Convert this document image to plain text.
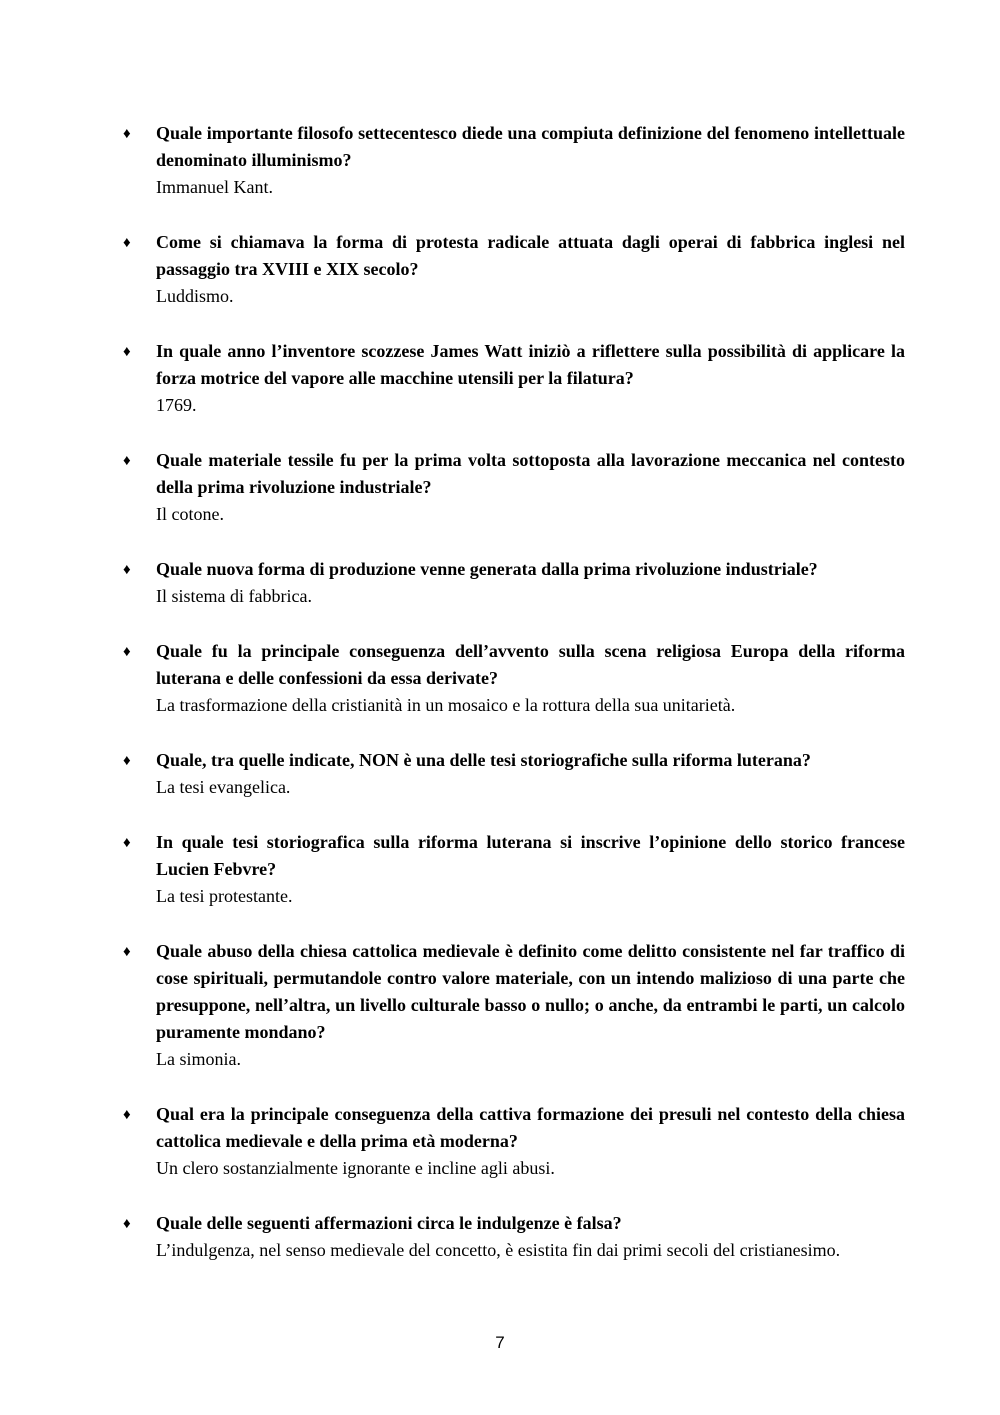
♦ Quale importante filosofo settecentesco diede una compiuta definizione del fenomeno intellettuale denominato illuminismo?

Immanuel Kant.

♦ Come si chiamava la forma di protesta radicale attuata dagli operai di fabbrica inglesi nel passaggio tra XVIII e XIX secolo?

Luddismo.

♦ In quale anno l’inventore scozzese James Watt iniziò a riflettere sulla possibilità di applicare la forza motrice del vapore alle macchine utensili per la filatura?

1769.

♦ Quale materiale tessile fu per la prima volta sottoposta alla lavorazione meccanica nel contesto della prima rivoluzione industriale?

Il cotone.

♦ Quale nuova forma di produzione venne generata dalla prima rivoluzione industriale?

Il sistema di fabbrica.

♦ Quale fu la principale conseguenza dell’avvento sulla scena religiosa Europa della riforma luterana e delle confessioni da essa derivate?

La trasformazione della cristianità in un mosaico e la rottura della sua unitarietà.

♦ Quale, tra quelle indicate, NON è una delle tesi storiografiche sulla riforma luterana?

La tesi evangelica.

♦ In quale tesi storiografica sulla riforma luterana si inscrive l’opinione dello storico francese Lucien Febvre?

La tesi protestante.

♦ Quale abuso della chiesa cattolica medievale è definito come delitto consistente nel far traffico di cose spirituali, permutandole contro valore materiale, con un intendo malizioso di una parte che presuppone, nell’altra, un livello culturale basso o nullo; o anche, da entrambi le parti, un calcolo puramente mondano?

La simonia.

♦ Qual era la principale conseguenza della cattiva formazione dei presuli nel contesto della chiesa cattolica medievale e della prima età moderna?

Un clero sostanzialmente ignorante e incline agli abusi.

♦ Quale delle seguenti affermazioni circa le indulgenze è falsa?

L’indulgenza, nel senso medievale del concetto, è esistita fin dai primi secoli del cristianesimo.

7
